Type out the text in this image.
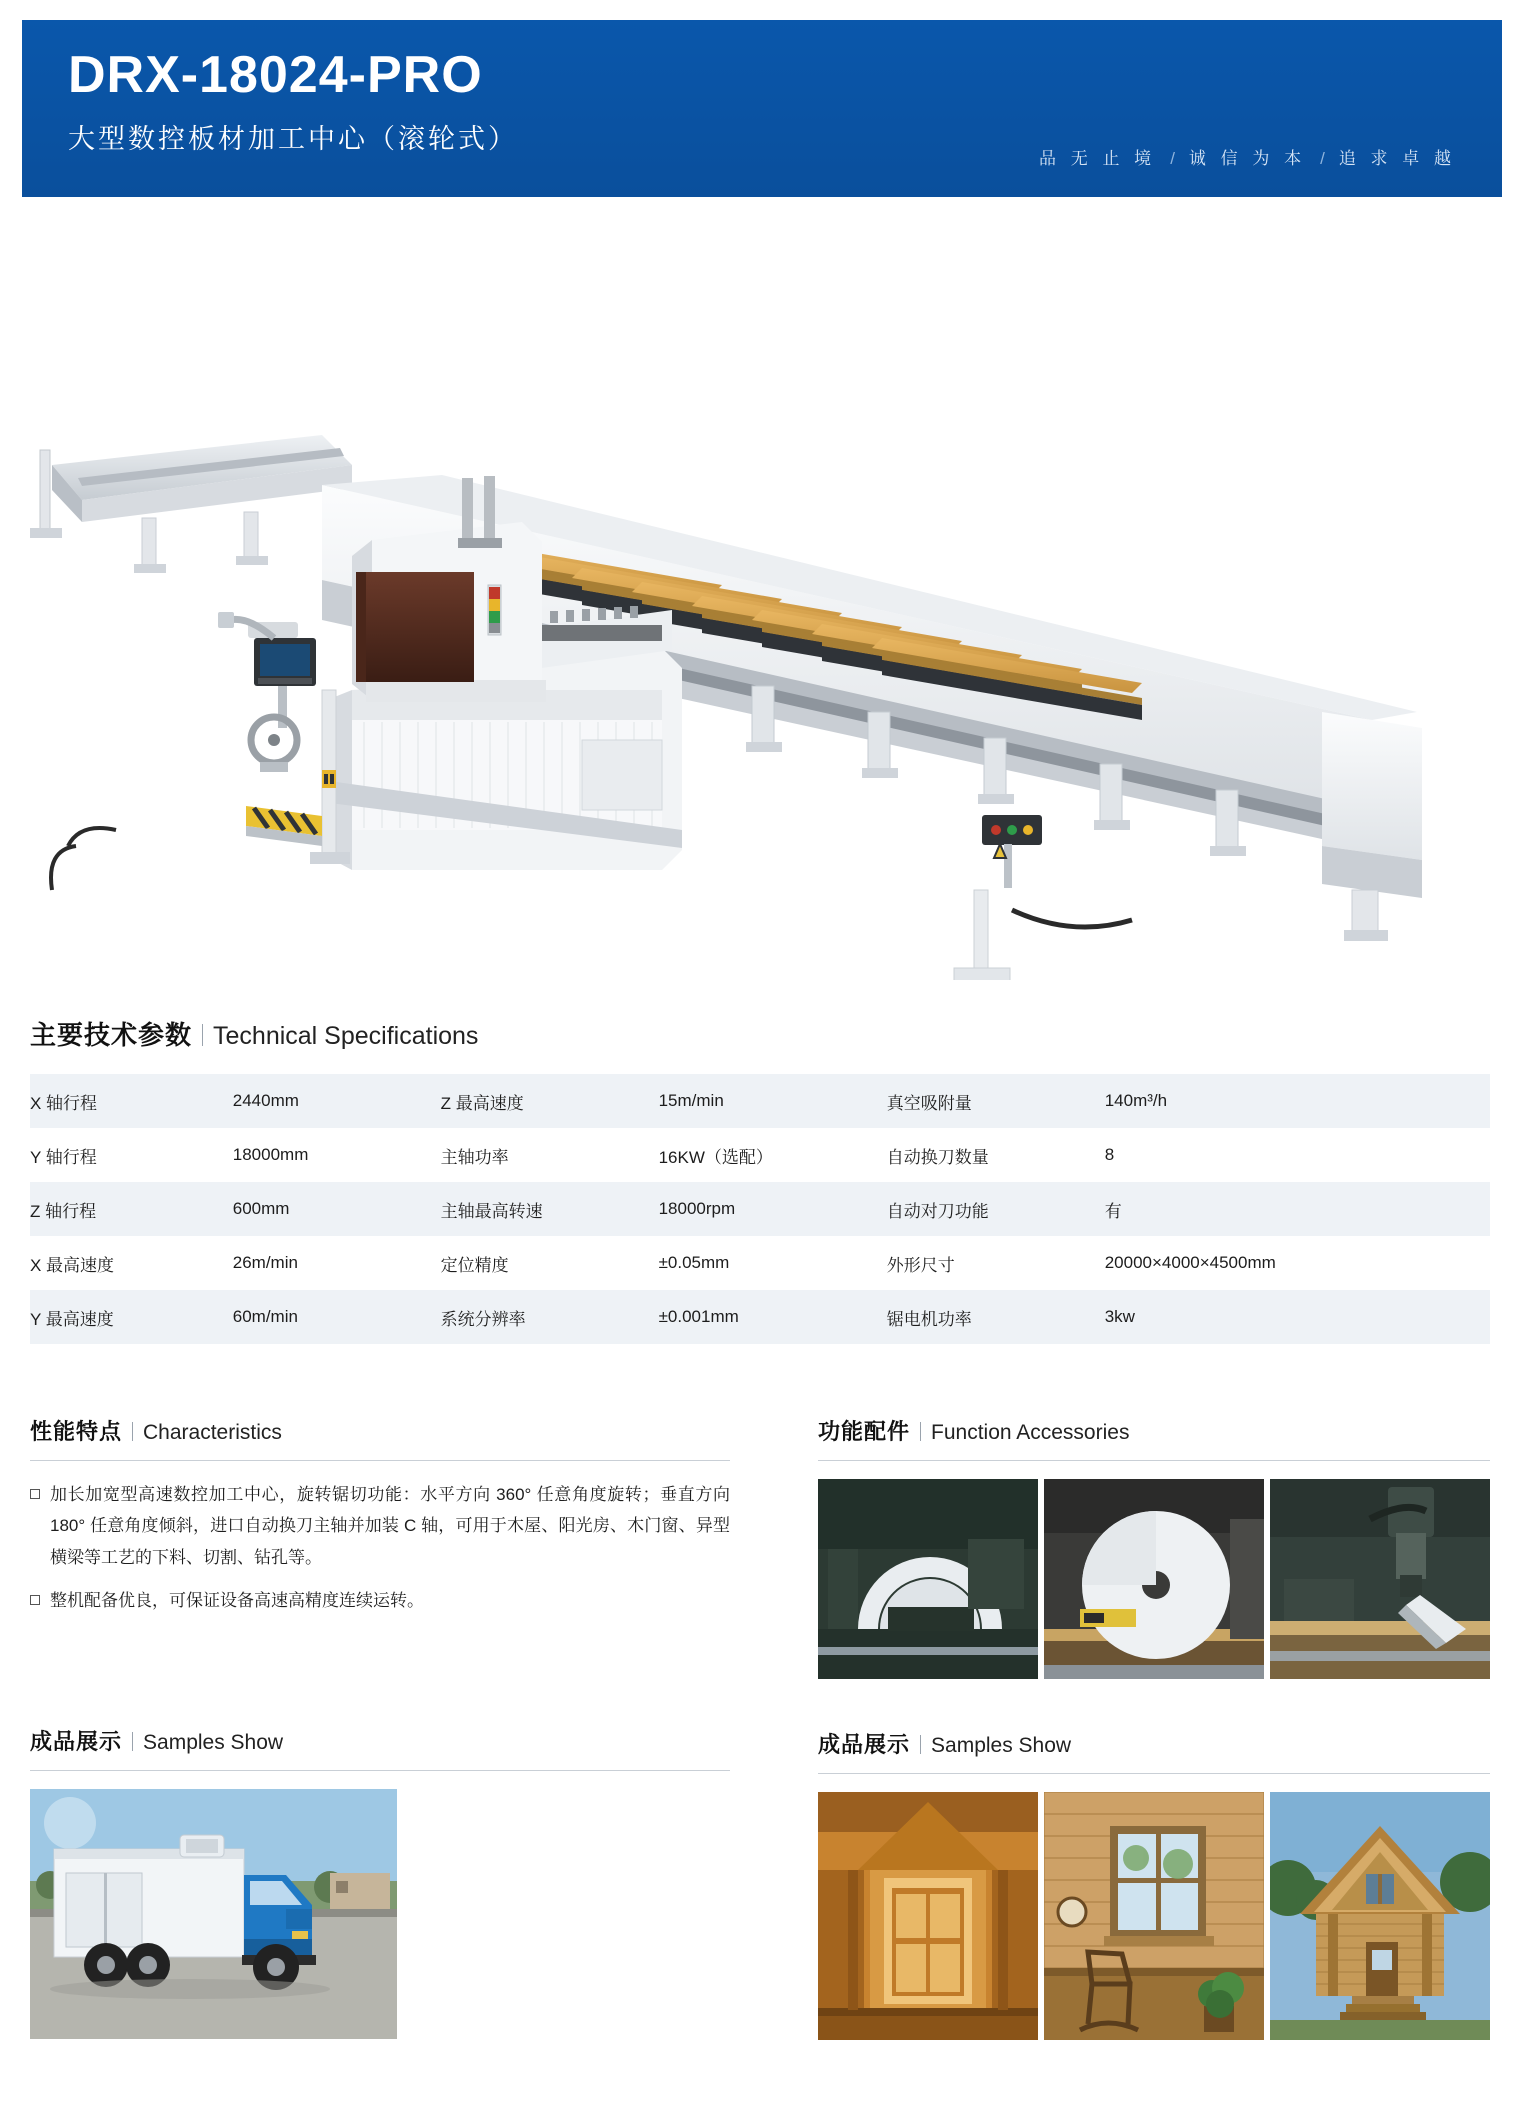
DRX-18024-PRO
大型数控板材加工中心（滚轮式）
品 无 止 境 / 诚 信 为 本 / 追 求 卓 越
主要技术参数 Technical Specifications
X 轴行程	2440mm	Z 最高速度	15m/min	真空吸附量	140m³/h
Y 轴行程	18000mm	主轴功率	16KW（选配）	自动换刀数量	8
Z 轴行程	600mm	主轴最高转速	18000rpm	自动对刀功能	有
X 最高速度	26m/min	定位精度	±0.05mm	外形尺寸	20000×4000×4500mm
Y 最高速度	60m/min	系统分辨率	±0.001mm	锯电机功率	3kw
性能特点 Characteristics
加长加宽型高速数控加工中心，旋转锯切功能：水平方向 360° 任意角度旋转；垂直方向 180° 任意角度倾斜，进口自动换刀主轴并加装 C 轴，可用于木屋、阳光房、木门窗、异型横梁等工艺的下料、切割、钻孔等。
整机配备优良，可保证设备高速高精度连续运转。
功能配件 Function Accessories
成品展示 Samples Show	成品展示 Samples Show
